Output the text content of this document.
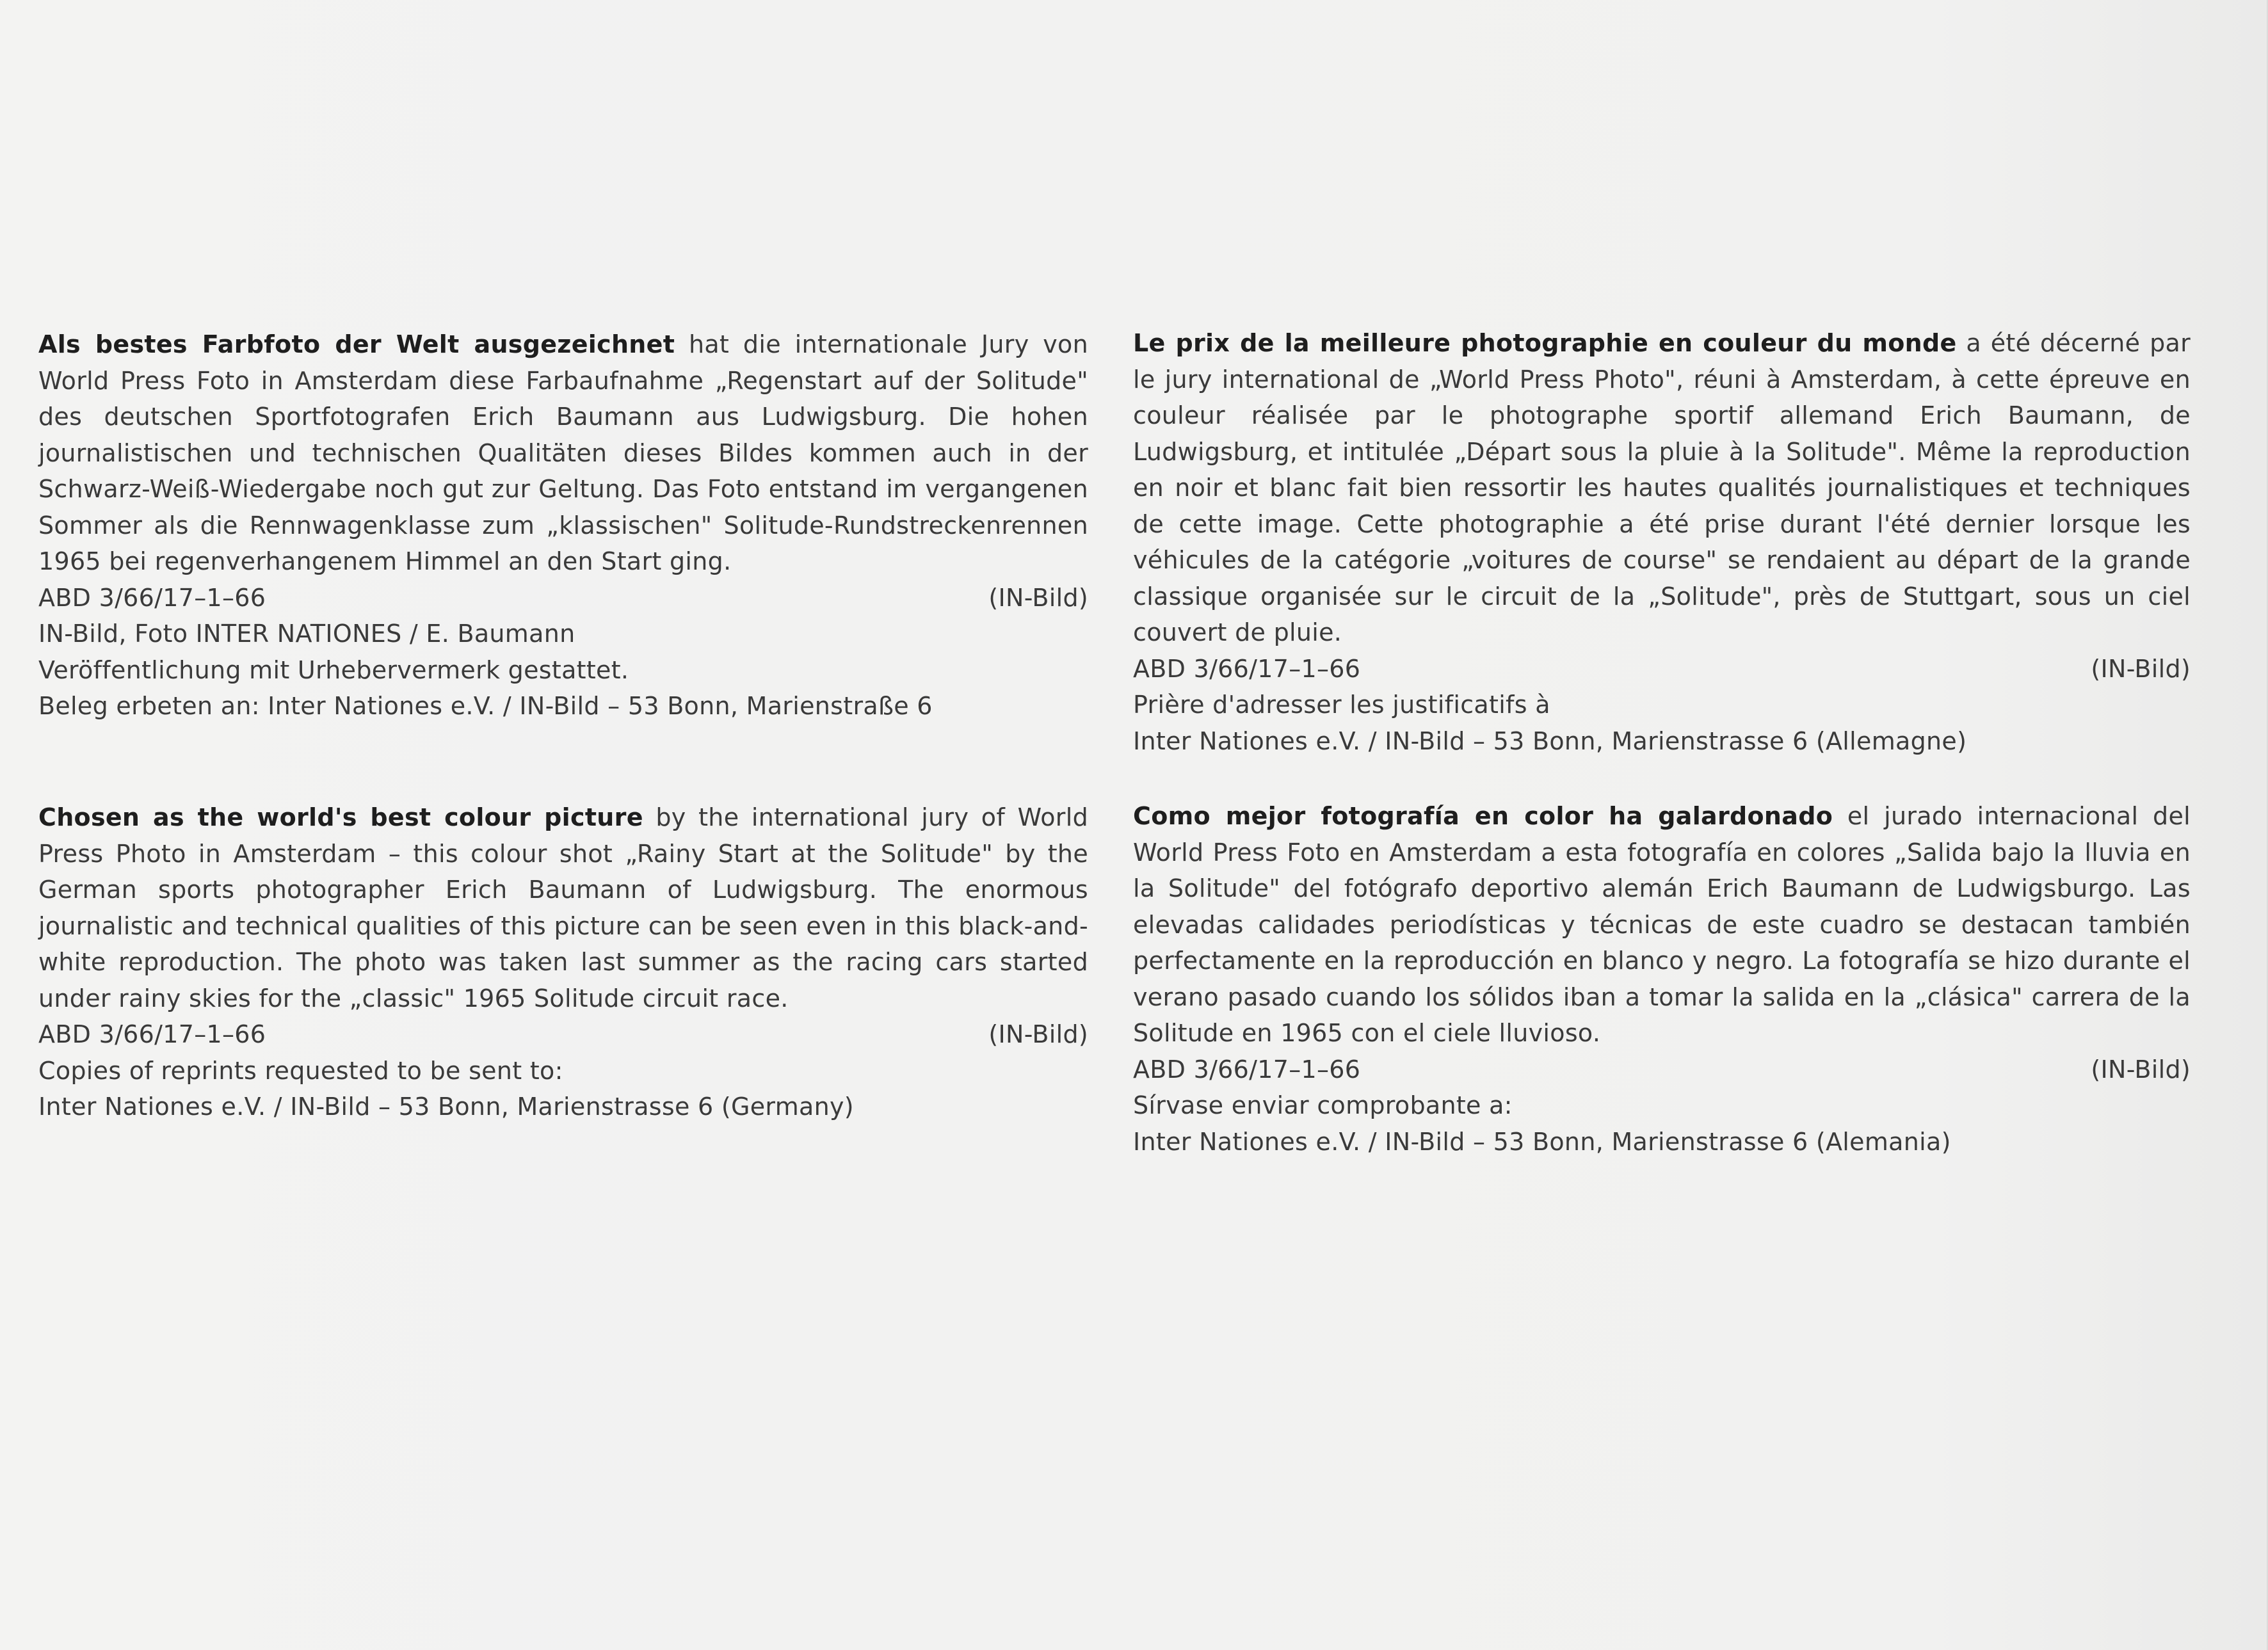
Als bestes Farbfoto der Welt ausgezeichnet hat die internationale Jury von World Press Foto in Amsterdam diese Farbaufnahme „Regenstart auf der Solitude" des deutschen Sportfotografen Erich Baumann aus Ludwigsburg. Die hohen journalistischen und technischen Qualitäten dieses Bildes kommen auch in der Schwarz-Weiß-Wiedergabe noch gut zur Geltung. Das Foto entstand im vergangenen Sommer als die Rennwagenklasse zum „klassischen" Solitude-Rundstreckenrennen 1965 bei regenverhangenem Himmel an den Start ging.

ABD 3/66/17–1–66	(IN-Bild)
IN-Bild, Foto INTER NATIONES / E. Baumann
Veröffentlichung mit Urhebervermerk gestattet.
Beleg erbeten an: Inter Nationes e.V. / IN-Bild – 53 Bonn, Marienstraße 6

Chosen as the world's best colour picture by the international jury of World Press Photo in Amsterdam – this colour shot „Rainy Start at the Solitude" by the German sports photographer Erich Baumann of Ludwigsburg. The enormous journalistic and technical qualities of this picture can be seen even in this black-and-white reproduction. The photo was taken last summer as the racing cars started under rainy skies for the „classic" 1965 Solitude circuit race.

ABD 3/66/17–1–66	(IN-Bild)
Copies of reprints requested to be sent to:
Inter Nationes e.V. / IN-Bild – 53 Bonn, Marienstrasse 6 (Germany)

Le prix de la meilleure photographie en couleur du monde a été décerné par le jury international de „World Press Photo", réuni à Amsterdam, à cette épreuve en couleur réalisée par le photographe sportif allemand Erich Baumann, de Ludwigsburg, et intitulée „Départ sous la pluie à la Solitude". Même la reproduction en noir et blanc fait bien ressortir les hautes qualités journalistiques et techniques de cette image. Cette photographie a été prise durant l'été dernier lorsque les véhicules de la catégorie „voitures de course" se rendaient au départ de la grande classique organisée sur le circuit de la „Solitude", près de Stuttgart, sous un ciel couvert de pluie.

ABD 3/66/17–1–66	(IN-Bild)
Prière d'adresser les justificatifs à
Inter Nationes e.V. / IN-Bild – 53 Bonn, Marienstrasse 6 (Allemagne)

Como mejor fotografía en color ha galardonado el jurado internacional del World Press Foto en Amsterdam a esta fotografía en colores „Salida bajo la lluvia en la Solitude" del fotógrafo deportivo alemán Erich Baumann de Ludwigsburgo. Las elevadas calidades periodísticas y técnicas de este cuadro se destacan también perfectamente en la reproducción en blanco y negro. La fotografía se hizo durante el verano pasado cuando los sólidos iban a tomar la salida en la „clásica" carrera de la Solitude en 1965 con el ciele lluvioso.

ABD 3/66/17–1–66	(IN-Bild)
Sírvase enviar comprobante a:
Inter Nationes e.V. / IN-Bild – 53 Bonn, Marienstrasse 6 (Alemania)
